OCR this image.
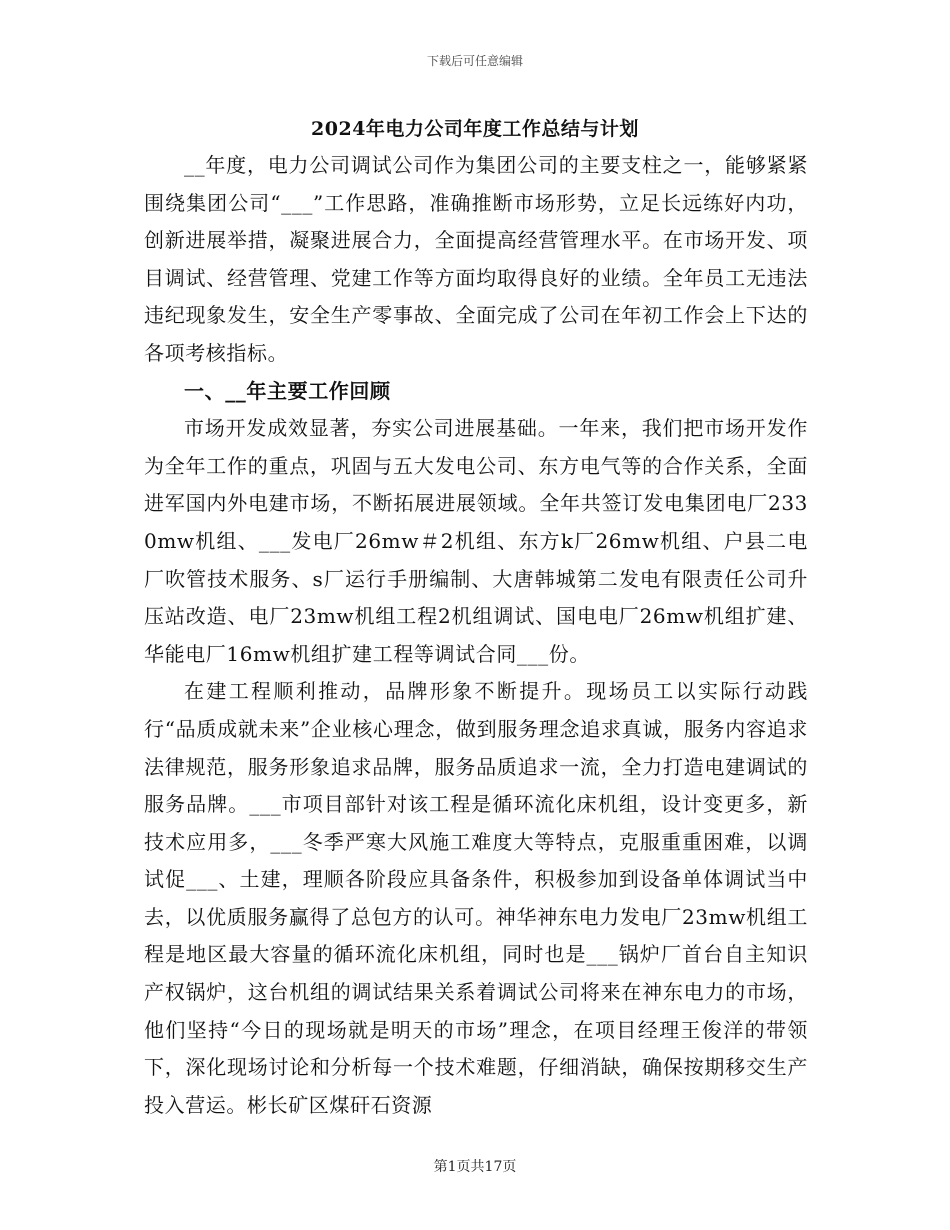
下载后可任意编辑
2024年电力公司年度工作总结与计划

__年度，电力公司调试公司作为集团公司的主要支柱之一，能够紧紧围绕集团公司“___”工作思路，准确推断市场形势，立足长远练好内功，创新进展举措，凝聚进展合力，全面提高经营管理水平。在市场开发、项目调试、经营管理、党建工作等方面均取得良好的业绩。全年员工无违法违纪现象发生，安全生产零事故、全面完成了公司在年初工作会上下达的各项考核指标。

一、__年主要工作回顾

市场开发成效显著，夯实公司进展基础。一年来，我们把市场开发作为全年工作的重点，巩固与五大发电公司、东方电气等的合作关系，全面进军国内外电建市场，不断拓展进展领域。全年共签订发电集团电厂2330mw机组、___发电厂26mw＃2机组、东方k厂26mw机组、户县二电厂吹管技术服务、s厂运行手册编制、大唐韩城第二发电有限责任公司升压站改造、电厂23mw机组工程2机组调试、国电电厂26mw机组扩建、华能电厂16mw机组扩建工程等调试合同___份。

在建工程顺利推动，品牌形象不断提升。现场员工以实际行动践行“品质成就未来”企业核心理念，做到服务理念追求真诚，服务内容追求法律规范，服务形象追求品牌，服务品质追求一流，全力打造电建调试的服务品牌。___市项目部针对该工程是循环流化床机组，设计变更多，新技术应用多，___冬季严寒大风施工难度大等特点，克服重重困难，以调试促___、土建，理顺各阶段应具备条件，积极参加到设备单体调试当中去，以优质服务赢得了总包方的认可。神华神东电力发电厂23mw机组工程是地区最大容量的循环流化床机组，同时也是___锅炉厂首台自主知识产权锅炉，这台机组的调试结果关系着调试公司将来在神东电力的市场，他们坚持“今日的现场就是明天的市场”理念，在项目经理王俊洋的带领下，深化现场讨论和分析每一个技术难题，仔细消缺，确保按期移交生产投入营运。彬长矿区煤矸石资源

第1页共17页
